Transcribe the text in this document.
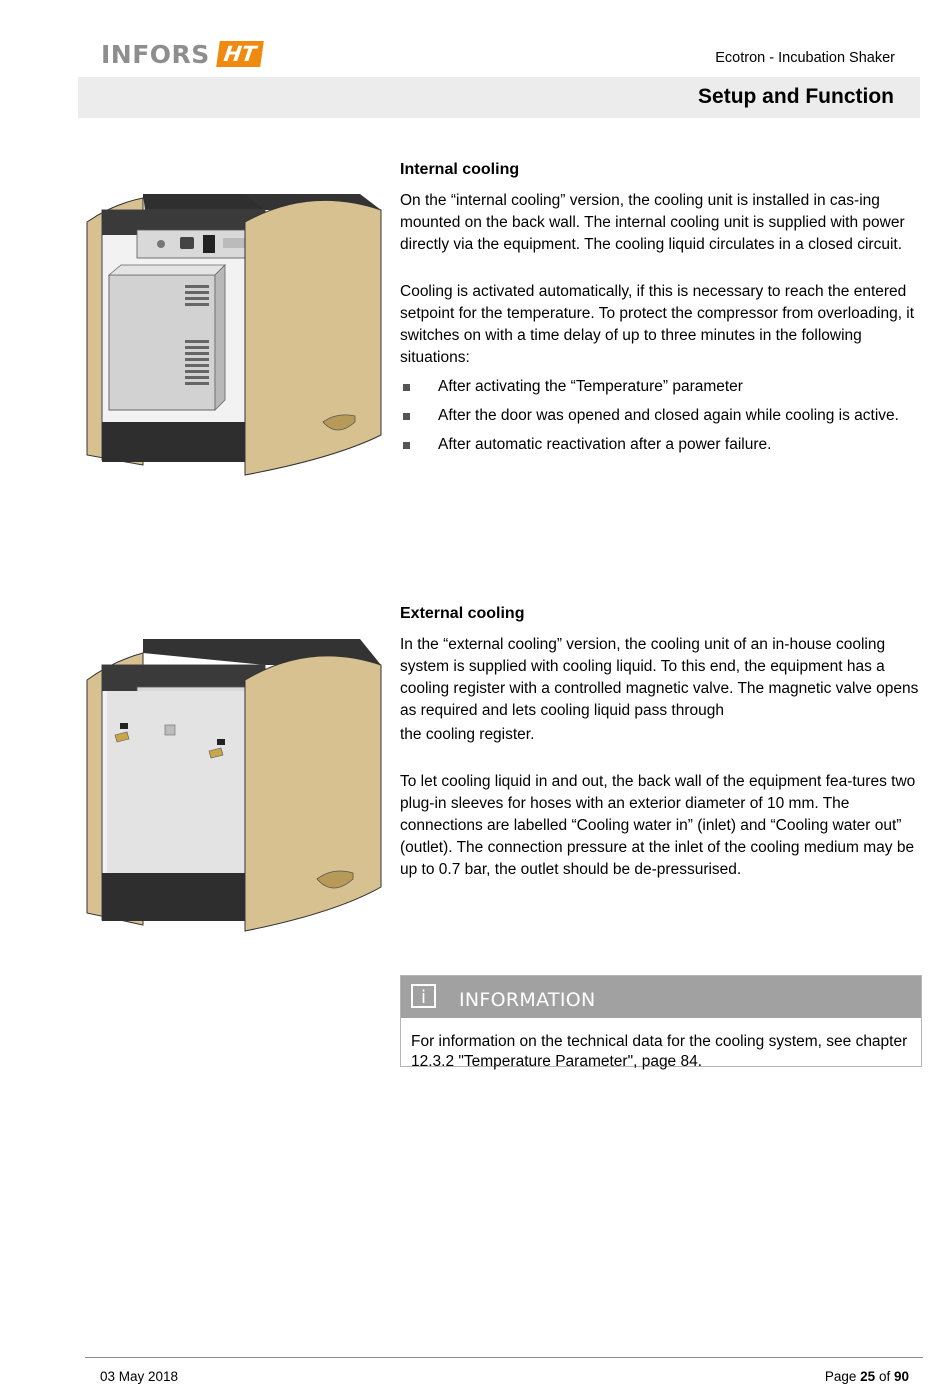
INFORS HT	Ecotron - Incubation Shaker
Setup and Function
Internal cooling

On the “internal cooling” version, the cooling unit is installed in cas-ing mounted on the back wall. The internal cooling unit is supplied with power directly via the equipment. The cooling liquid circulates in a closed circuit.

Cooling is activated automatically, if this is necessary to reach the entered setpoint for the temperature. To protect the compressor from overloading, it switches on with a time delay of up to three minutes in the following situations:

After activating the “Temperature” parameter
After the door was opened and closed again while cooling is active.
After automatic reactivation after a power failure.
External cooling

In the “external cooling” version, the cooling unit of an in-house cooling system is supplied with cooling liquid. To this end, the equipment has a cooling register with a controlled magnetic valve. The magnetic valve opens as required and lets cooling liquid pass through

the cooling register.

To let cooling liquid in and out, the back wall of the equipment fea-tures two plug-in sleeves for hoses with an exterior diameter of 10 mm. The connections are labelled “Cooling water in” (inlet) and “Cooling water out” (outlet). The connection pressure at the inlet of the cooling medium may be up to 0.7 bar, the outlet should be de-pressurised.

i	INFORMATION
For information on the technical data for the cooling system, see chapter 12.3.2 "Temperature Parameter", page 84.
03 May 2018	Page 25 of 90
